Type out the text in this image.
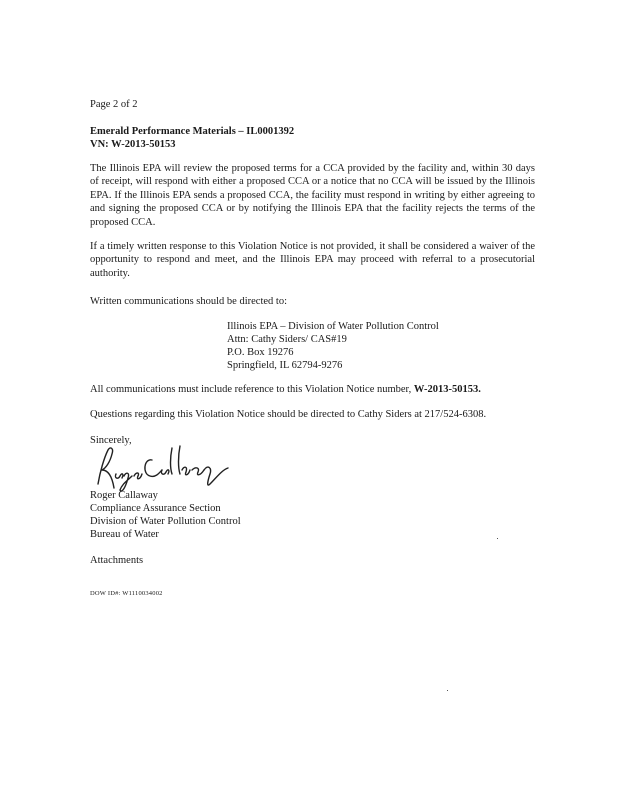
Page 2 of 2
Emerald Performance Materials – IL0001392
VN: W-2013-50153

The Illinois EPA will review the proposed terms for a CCA provided by the facility and, within 30 days of receipt, will respond with either a proposed CCA or a notice that no CCA will be issued by the Illinois EPA. If the Illinois EPA sends a proposed CCA, the facility must respond in writing by either agreeing to and signing the proposed CCA or by notifying the Illinois EPA that the facility rejects the terms of the proposed CCA.

If a timely written response to this Violation Notice is not provided, it shall be considered a waiver of the opportunity to respond and meet, and the Illinois EPA may proceed with referral to a prosecutorial authority.

Written communications should be directed to:
Illinois EPA – Division of Water Pollution Control
Attn: Cathy Siders/ CAS#19
P.O. Box 19276
Springfield, IL 62794-9276
All communications must include reference to this Violation Notice number, W-2013-50153.
Questions regarding this Violation Notice should be directed to Cathy Siders at 217/524-6308.
Sincerely,
Roger Callaway
Compliance Assurance Section
Division of Water Pollution Control
Bureau of Water
Attachments
DOW ID#: W1110034002
